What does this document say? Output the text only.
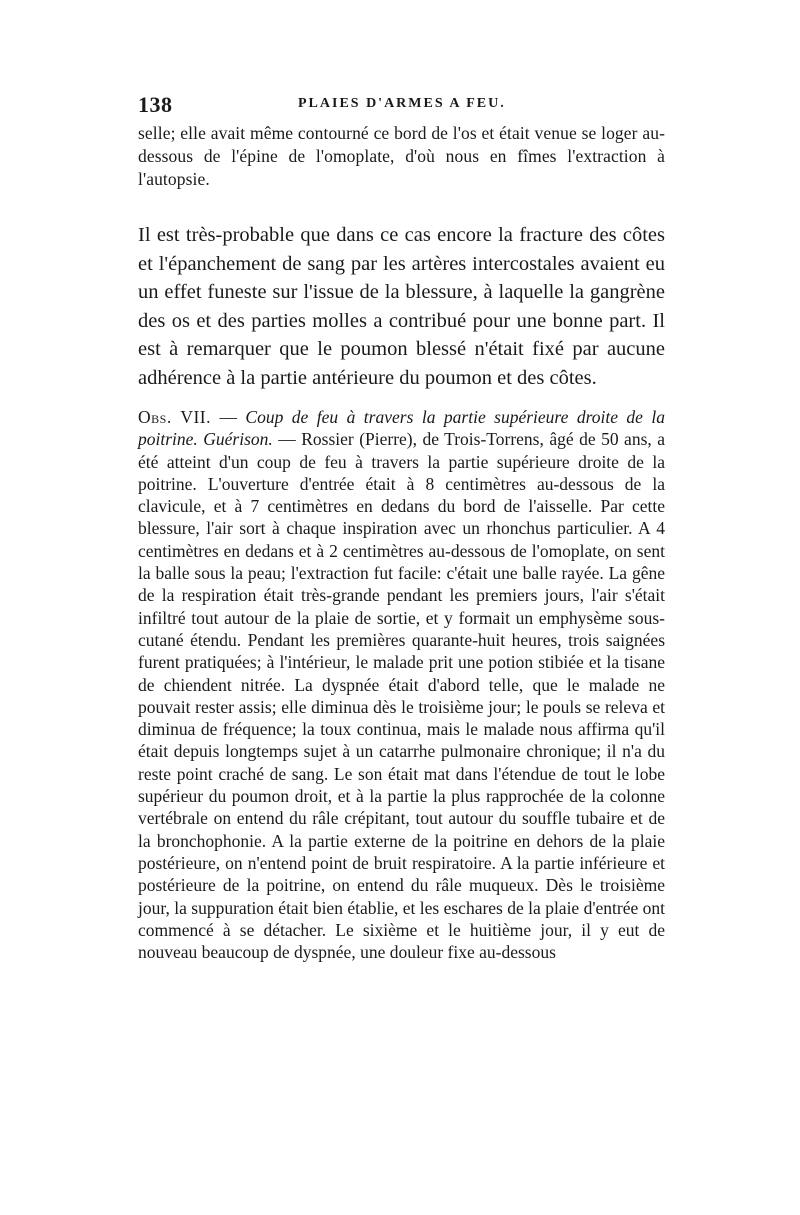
138	PLAIES D'ARMES A FEU.

selle; elle avait même contourné ce bord de l'os et était venue se loger au-dessous de l'épine de l'omoplate, d'où nous en fîmes l'extraction à l'autopsie.

Il est très-probable que dans ce cas encore la fracture des côtes et l'épanchement de sang par les artères intercostales avaient eu un effet funeste sur l'issue de la blessure, à laquelle la gangrène des os et des parties molles a contribué pour une bonne part. Il est à remarquer que le poumon blessé n'était fixé par aucune adhérence à la partie antérieure du poumon et des côtes.

Obs. VII. — Coup de feu à travers la partie supérieure droite de la poitrine. Guérison. — Rossier (Pierre), de Trois-Torrens, âgé de 50 ans, a été atteint d'un coup de feu à travers la partie supérieure droite de la poitrine. L'ouverture d'entrée était à 8 centimètres au-dessous de la clavicule, et à 7 centimètres en dedans du bord de l'aisselle. Par cette blessure, l'air sort à chaque inspiration avec un rhonchus particulier. A 4 centimètres en dedans et à 2 centimètres au-dessous de l'omoplate, on sent la balle sous la peau; l'extraction fut facile: c'était une balle rayée. La gêne de la respiration était très-grande pendant les premiers jours, l'air s'était infiltré tout autour de la plaie de sortie, et y formait un emphysème sous-cutané étendu. Pendant les premières quarante-huit heures, trois saignées furent pratiquées; à l'intérieur, le malade prit une potion stibiée et la tisane de chiendent nitrée. La dyspnée était d'abord telle, que le malade ne pouvait rester assis; elle diminua dès le troisième jour; le pouls se releva et diminua de fréquence; la toux continua, mais le malade nous affirma qu'il était depuis longtemps sujet à un catarrhe pulmonaire chronique; il n'a du reste point craché de sang. Le son était mat dans l'étendue de tout le lobe supérieur du poumon droit, et à la partie la plus rapprochée de la colonne vertébrale on entend du râle crépitant, tout autour du souffle tubaire et de la bronchophonie. A la partie externe de la poitrine en dehors de la plaie postérieure, on n'entend point de bruit respiratoire. A la partie inférieure et postérieure de la poitrine, on entend du râle muqueux. Dès le troisième jour, la suppuration était bien établie, et les eschares de la plaie d'entrée ont commencé à se détacher. Le sixième et le huitième jour, il y eut de nouveau beaucoup de dyspnée, une douleur fixe au-dessous
